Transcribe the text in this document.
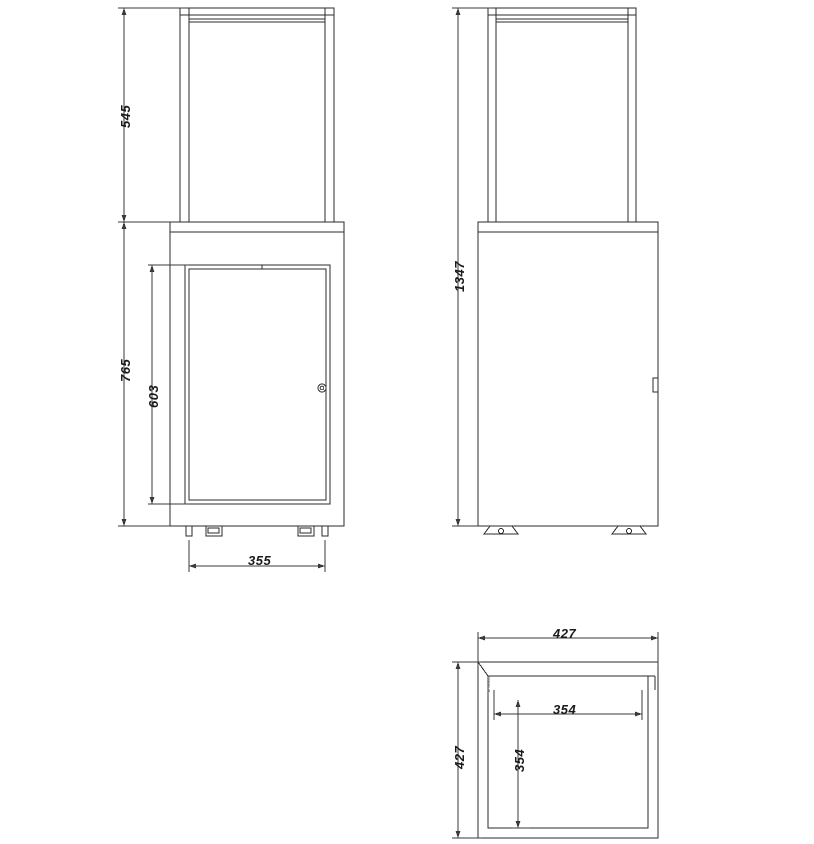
545
765
603
355
1347
427
427
354
354
Ø M6x12
